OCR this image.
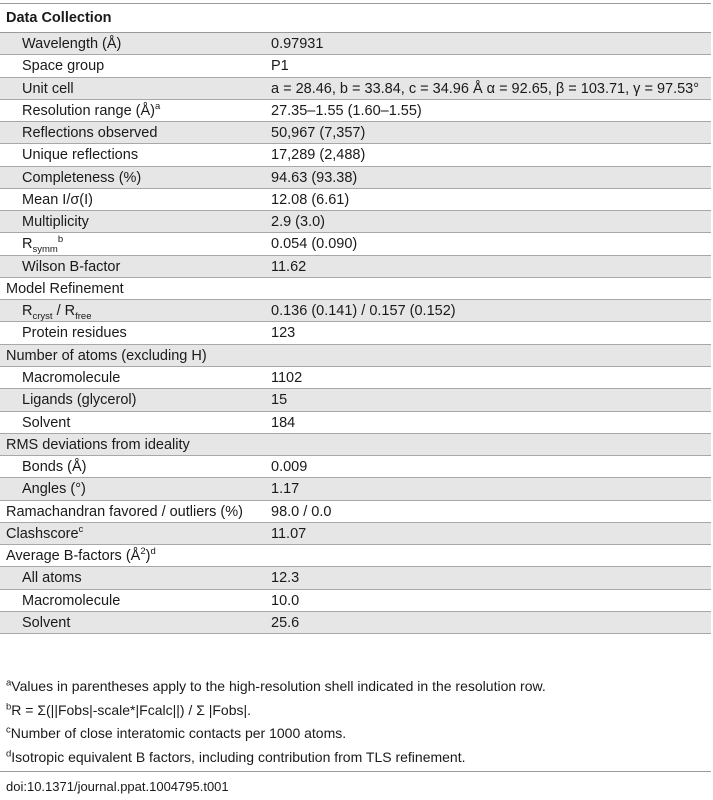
Data Collection
Wavelength (Å)	0.97931
Space group	P1
Unit cell	a = 28.46, b = 33.84, c = 34.96 Å α = 92.65, β = 103.71, γ = 97.53°
Resolution range (Å)$^a$	27.35–1.55 (1.60–1.55)
Reflections observed	50,967 (7,357)
Unique reflections	17,289 (2,488)
Completeness (%)	94.63 (93.38)
Mean I/σ(I)	12.08 (6.61)
Multiplicity	2.9 (3.0)
$R_{symm}^b$	0.054 (0.090)
Wilson B-factor	11.62
Model Refinement
$R_{cryst} / R_{free}$	0.136 (0.141) / 0.157 (0.152)
Protein residues	123
Number of atoms (excluding H)
Macromolecule	1102
Ligands (glycerol)	15
Solvent	184
RMS deviations from ideality
Bonds (Å)	0.009
Angles (°)	1.17
Ramachandran favored / outliers (%) 98.0 / 0.0
Clashscore$^c$	11.07
Average B-factors $(Å^2)^d$
All atoms	12.3
Macromolecule	10.0
Solvent	25.6
$^a$Values in parentheses apply to the high-resolution shell indicated in the resolution row.
$^b$R = Σ(||Fobs|-scale*|Fcalc||) / Σ |Fobs|.
$^c$Number of close interatomic contacts per 1000 atoms.
$^d$Isotropic equivalent B factors, including contribution from TLS refinement.
doi:10.1371/journal.ppat.1004795.t001
